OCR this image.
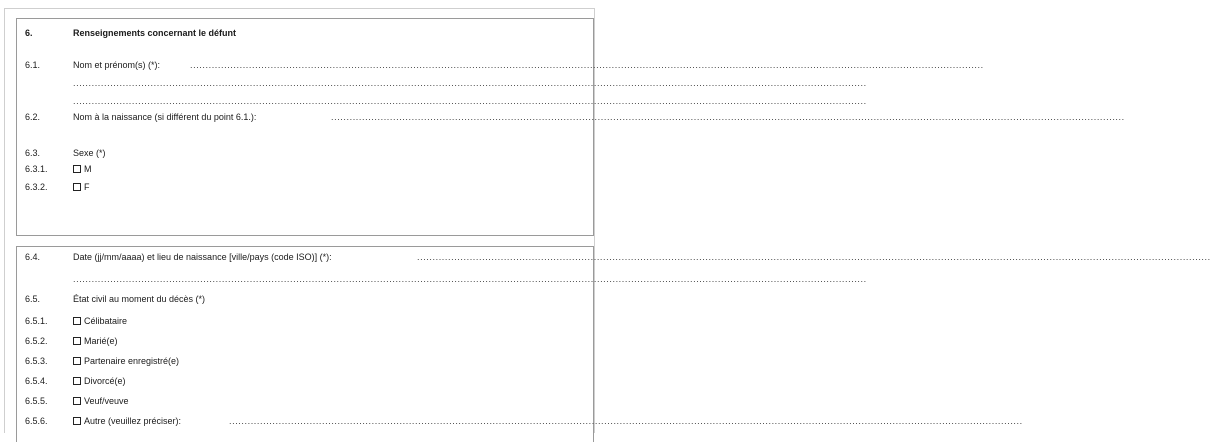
6.	Renseignements concernant le défunt
6.1.	Nom et prénom(s) (*):	................................................................................................................................................................................................................................................................
................................................................................................................................................................................................................................................................
................................................................................................................................................................................................................................................................
6.2.	Nom à la naissance (si différent du point 6.1.):	................................................................................................................................................................................................................................................................
6.3.	Sexe (*)
6.3.1.	M
6.3.2.	F
6.4.	Date (jj/mm/aaaa) et lieu de naissance [ville/pays (code ISO)] (*):	................................................................................................................................................................................................................................................................
................................................................................................................................................................................................................................................................
6.5.	État civil au moment du décès (*)
6.5.1.	Célibataire
6.5.2.	Marié(e)
6.5.3.	Partenaire enregistré(e)
6.5.4.	Divorcé(e)
6.5.5.	Veuf/veuve
6.5.6.	Autre (veuillez préciser):	................................................................................................................................................................................................................................................................
